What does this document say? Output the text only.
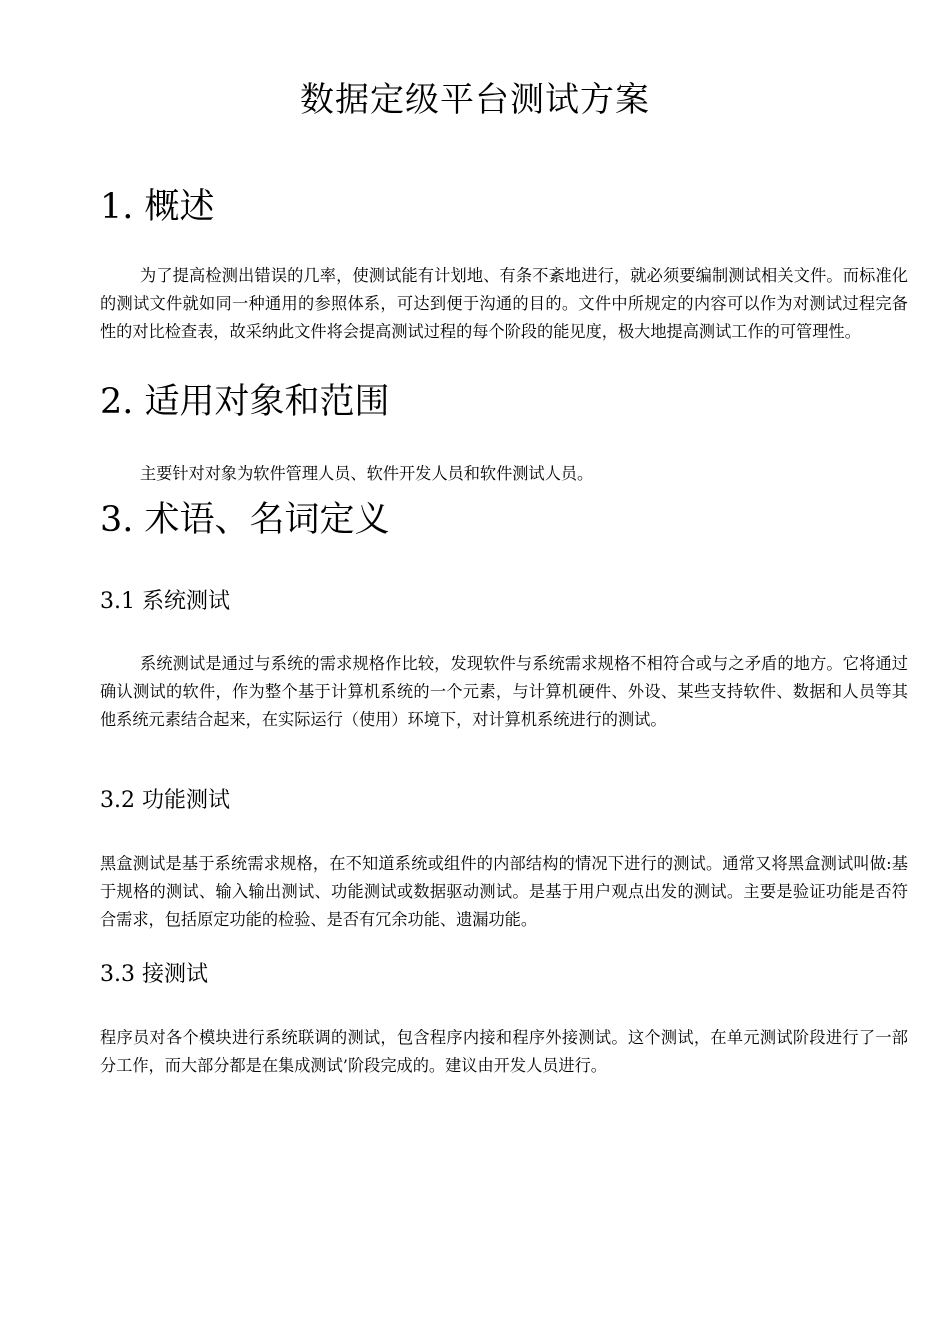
数据定级平台测试方案
1. 概述
为了提高检测出错误的几率，使测试能有计划地、有条不紊地进行，就必须要编制测试相关文件。而标准化的测试文件就如同一种通用的参照体系，可达到便于沟通的目的。文件中所规定的内容可以作为对测试过程完备性的对比检查表，故采纳此文件将会提高测试过程的每个阶段的能见度，极大地提高测试工作的可管理性。
2. 适用对象和范围
主要针对对象为软件管理人员、软件开发人员和软件测试人员。
3. 术语、名词定义
3.1 系统测试
系统测试是通过与系统的需求规格作比较，发现软件与系统需求规格不相符合或与之矛盾的地方。它将通过确认测试的软件，作为整个基于计算机系统的一个元素，与计算机硬件、外设、某些支持软件、数据和人员等其他系统元素结合起来，在实际运行（使用）环境下，对计算机系统进行的测试。
3.2 功能测试
黑盒测试是基于系统需求规格，在不知道系统或组件的内部结构的情况下进行的测试。通常又将黑盒测试叫做:基于规格的测试、输入输出测试、功能测试或数据驱动测试。是基于用户观点出发的测试。主要是验证功能是否符合需求，包括原定功能的检验、是否有冗余功能、遗漏功能。
3.3 接测试
程序员对各个模块进行系统联调的测试，包含程序内接和程序外接测试。这个测试，在单元测试阶段进行了一部分工作，而大部分都是在集成测试’阶段完成的。建议由开发人员进行。
